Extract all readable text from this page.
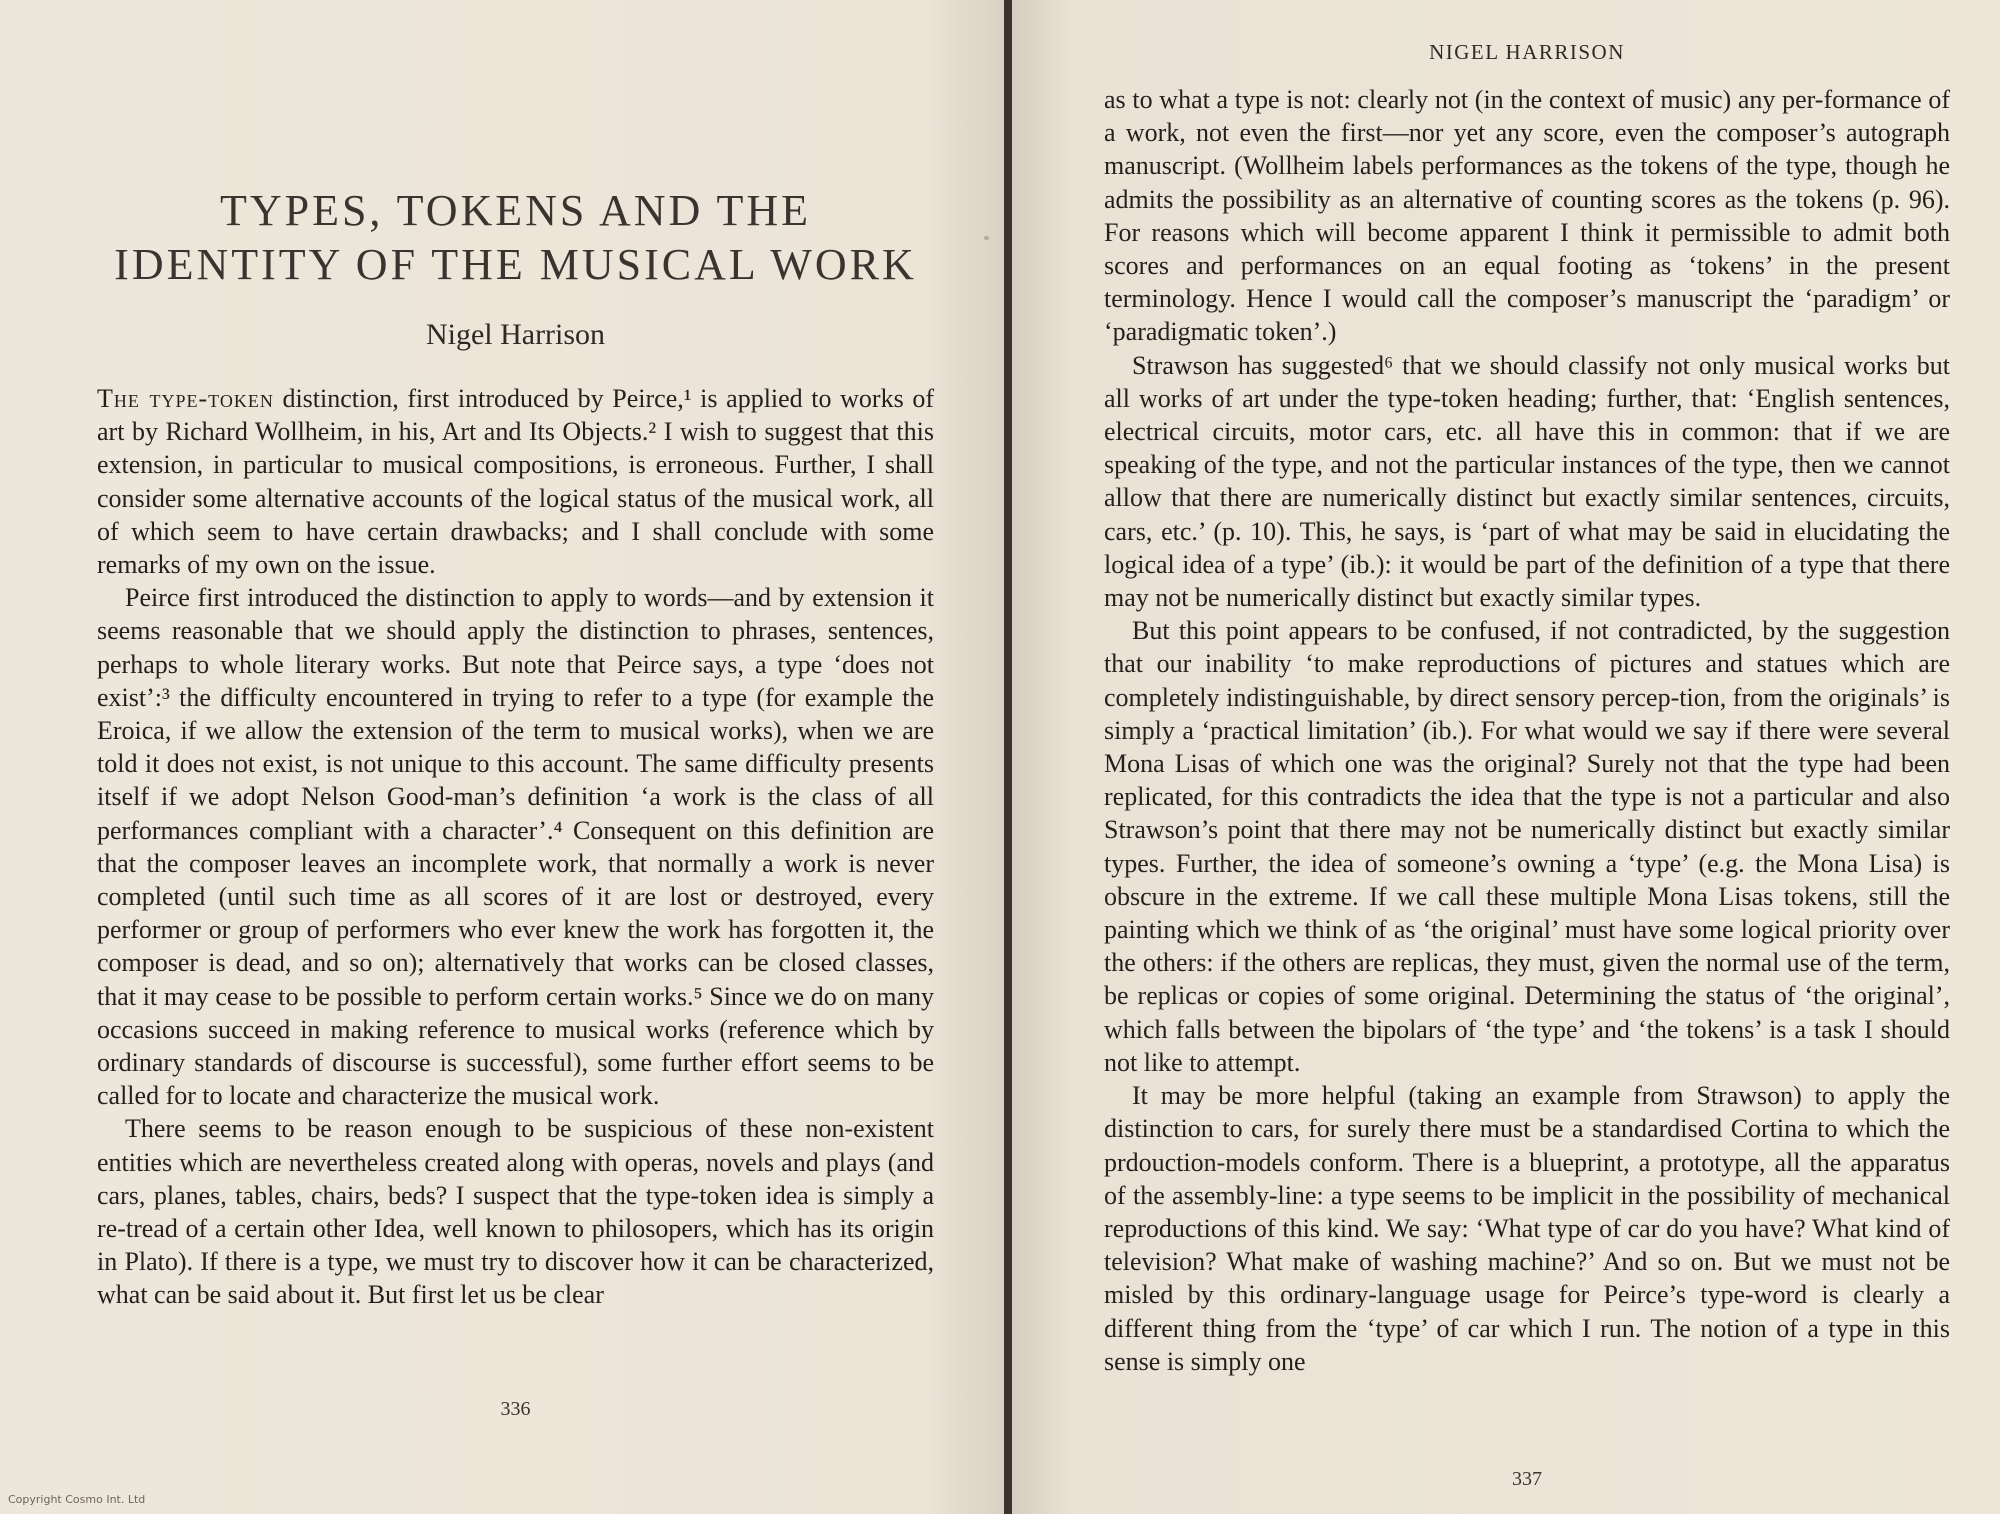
TYPES, TOKENS AND THE
IDENTITY OF THE MUSICAL WORK
Nigel Harrison

The type-token distinction, first introduced by Peirce,¹ is applied to works of art by Richard Wollheim, in his, Art and Its Objects.² I wish to suggest that this extension, in particular to musical compositions, is erroneous. Further, I shall consider some alternative accounts of the logical status of the musical work, all of which seem to have certain drawbacks; and I shall conclude with some remarks of my own on the issue.

Peirce first introduced the distinction to apply to words—and by extension it seems reasonable that we should apply the distinction to phrases, sentences, perhaps to whole literary works. But note that Peirce says, a type ‘does not exist’:³ the difficulty encountered in trying to refer to a type (for example the Eroica, if we allow the extension of the term to musical works), when we are told it does not exist, is not unique to this account. The same difficulty presents itself if we adopt Nelson Good-man’s definition ‘a work is the class of all performances compliant with a character’.⁴ Consequent on this definition are that the composer leaves an incomplete work, that normally a work is never completed (until such time as all scores of it are lost or destroyed, every performer or group of performers who ever knew the work has forgotten it, the composer is dead, and so on); alternatively that works can be closed classes, that it may cease to be possible to perform certain works.⁵ Since we do on many occasions succeed in making reference to musical works (reference which by ordinary standards of discourse is successful), some further effort seems to be called for to locate and characterize the musical work.

There seems to be reason enough to be suspicious of these non-existent entities which are nevertheless created along with operas, novels and plays (and cars, planes, tables, chairs, beds? I suspect that the type-token idea is simply a re-tread of a certain other Idea, well known to philosopers, which has its origin in Plato). If there is a type, we must try to discover how it can be characterized, what can be said about it. But first let us be clear

336
NIGEL HARRISON

as to what a type is not: clearly not (in the context of music) any per-formance of a work, not even the first—nor yet any score, even the composer’s autograph manuscript. (Wollheim labels performances as the tokens of the type, though he admits the possibility as an alternative of counting scores as the tokens (p. 96). For reasons which will become apparent I think it permissible to admit both scores and performances on an equal footing as ‘tokens’ in the present terminology. Hence I would call the composer’s manuscript the ‘paradigm’ or ‘paradigmatic token’.)

Strawson has suggested⁶ that we should classify not only musical works but all works of art under the type-token heading; further, that: ‘English sentences, electrical circuits, motor cars, etc. all have this in common: that if we are speaking of the type, and not the particular instances of the type, then we cannot allow that there are numerically distinct but exactly similar sentences, circuits, cars, etc.’ (p. 10). This, he says, is ‘part of what may be said in elucidating the logical idea of a type’ (ib.): it would be part of the definition of a type that there may not be numerically distinct but exactly similar types.

But this point appears to be confused, if not contradicted, by the suggestion that our inability ‘to make reproductions of pictures and statues which are completely indistinguishable, by direct sensory percep-tion, from the originals’ is simply a ‘practical limitation’ (ib.). For what would we say if there were several Mona Lisas of which one was the original? Surely not that the type had been replicated, for this contradicts the idea that the type is not a particular and also Strawson’s point that there may not be numerically distinct but exactly similar types. Further, the idea of someone’s owning a ‘type’ (e.g. the Mona Lisa) is obscure in the extreme. If we call these multiple Mona Lisas tokens, still the painting which we think of as ‘the original’ must have some logical priority over the others: if the others are replicas, they must, given the normal use of the term, be replicas or copies of some original. Determining the status of ‘the original’, which falls between the bipolars of ‘the type’ and ‘the tokens’ is a task I should not like to attempt.

It may be more helpful (taking an example from Strawson) to apply the distinction to cars, for surely there must be a standardised Cortina to which the prdouction-models conform. There is a blueprint, a prototype, all the apparatus of the assembly-line: a type seems to be implicit in the possibility of mechanical reproductions of this kind. We say: ‘What type of car do you have? What kind of television? What make of washing machine?’ And so on. But we must not be misled by this ordinary-language usage for Peirce’s type-word is clearly a different thing from the ‘type’ of car which I run. The notion of a type in this sense is simply one

337
Copyright Cosmo Int. Ltd
